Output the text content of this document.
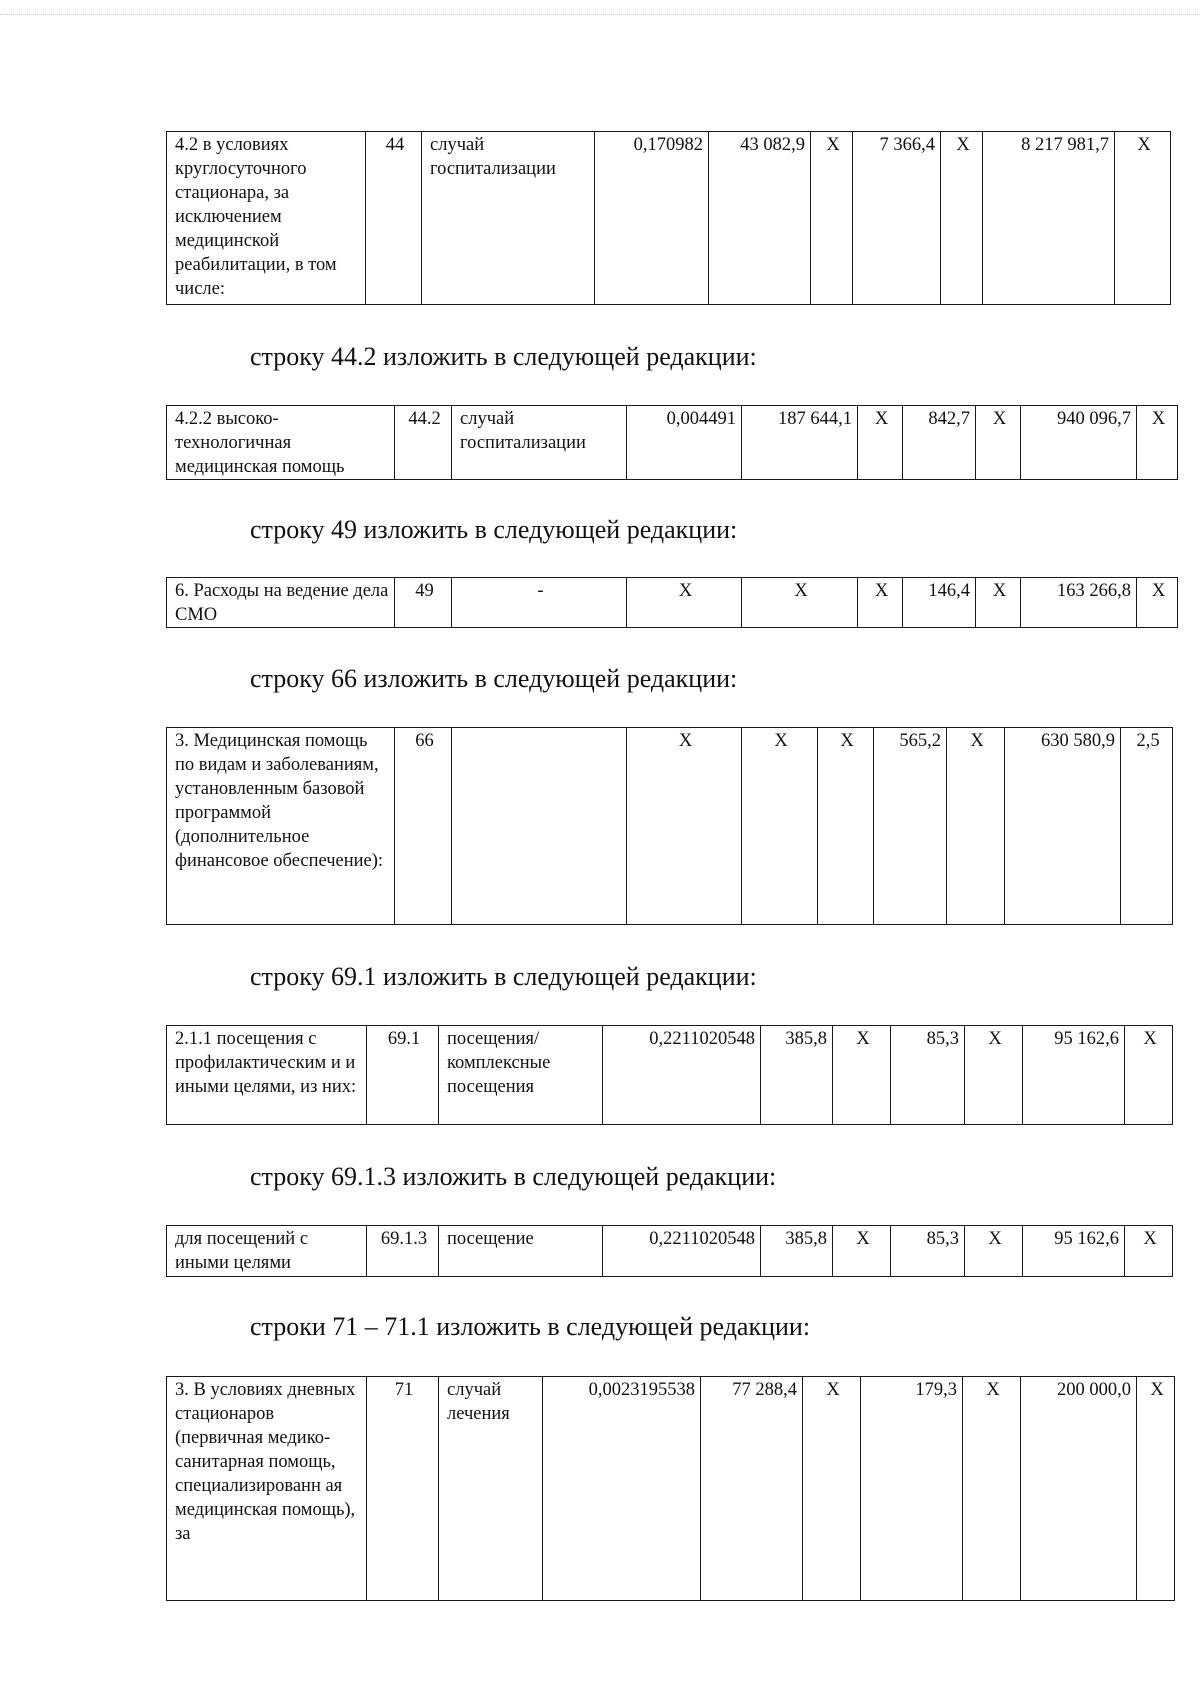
4.2 в условиях круглосуточного стационара, за исключением медицинской реабилитации, в том числе:	44	случай госпитализации	0,170982	43 082,9	X	7 366,4	X	8 217 981,7	X
строку 44.2 изложить в следующей редакции:
4.2.2 высоко-технологичная медицинская помощь	44.2	случай госпитализации	0,004491	187 644,1	X	842,7	X	940 096,7	X
строку 49 изложить в следующей редакции:
6. Расходы на ведение дела СМО	49	-	X	X	X	146,4	X	163 266,8	X
строку 66 изложить в следующей редакции:
3. Медицинская помощь по видам и заболеваниям, установленным базовой программой (дополнительное финансовое обеспечение):	66		X	X	X	565,2	X	630 580,9	2,5
строку 69.1 изложить в следующей редакции:
2.1.1 посещения с профилактическим и и иными целями, из них:	69.1	посещения/ комплексные посещения	0,2211020548	385,8	X	85,3	X	95 162,6	X
строку 69.1.3 изложить в следующей редакции:
для посещений с иными целями	69.1.3	посещение	0,2211020548	385,8	X	85,3	X	95 162,6	X
строки 71 – 71.1 изложить в следующей редакции:
3. В условиях дневных стационаров (первичная медико-санитарная помощь, специализированн ая медицинская помощь), за	71	случай лечения	0,0023195538	77 288,4	X	179,3	X	200 000,0	X
